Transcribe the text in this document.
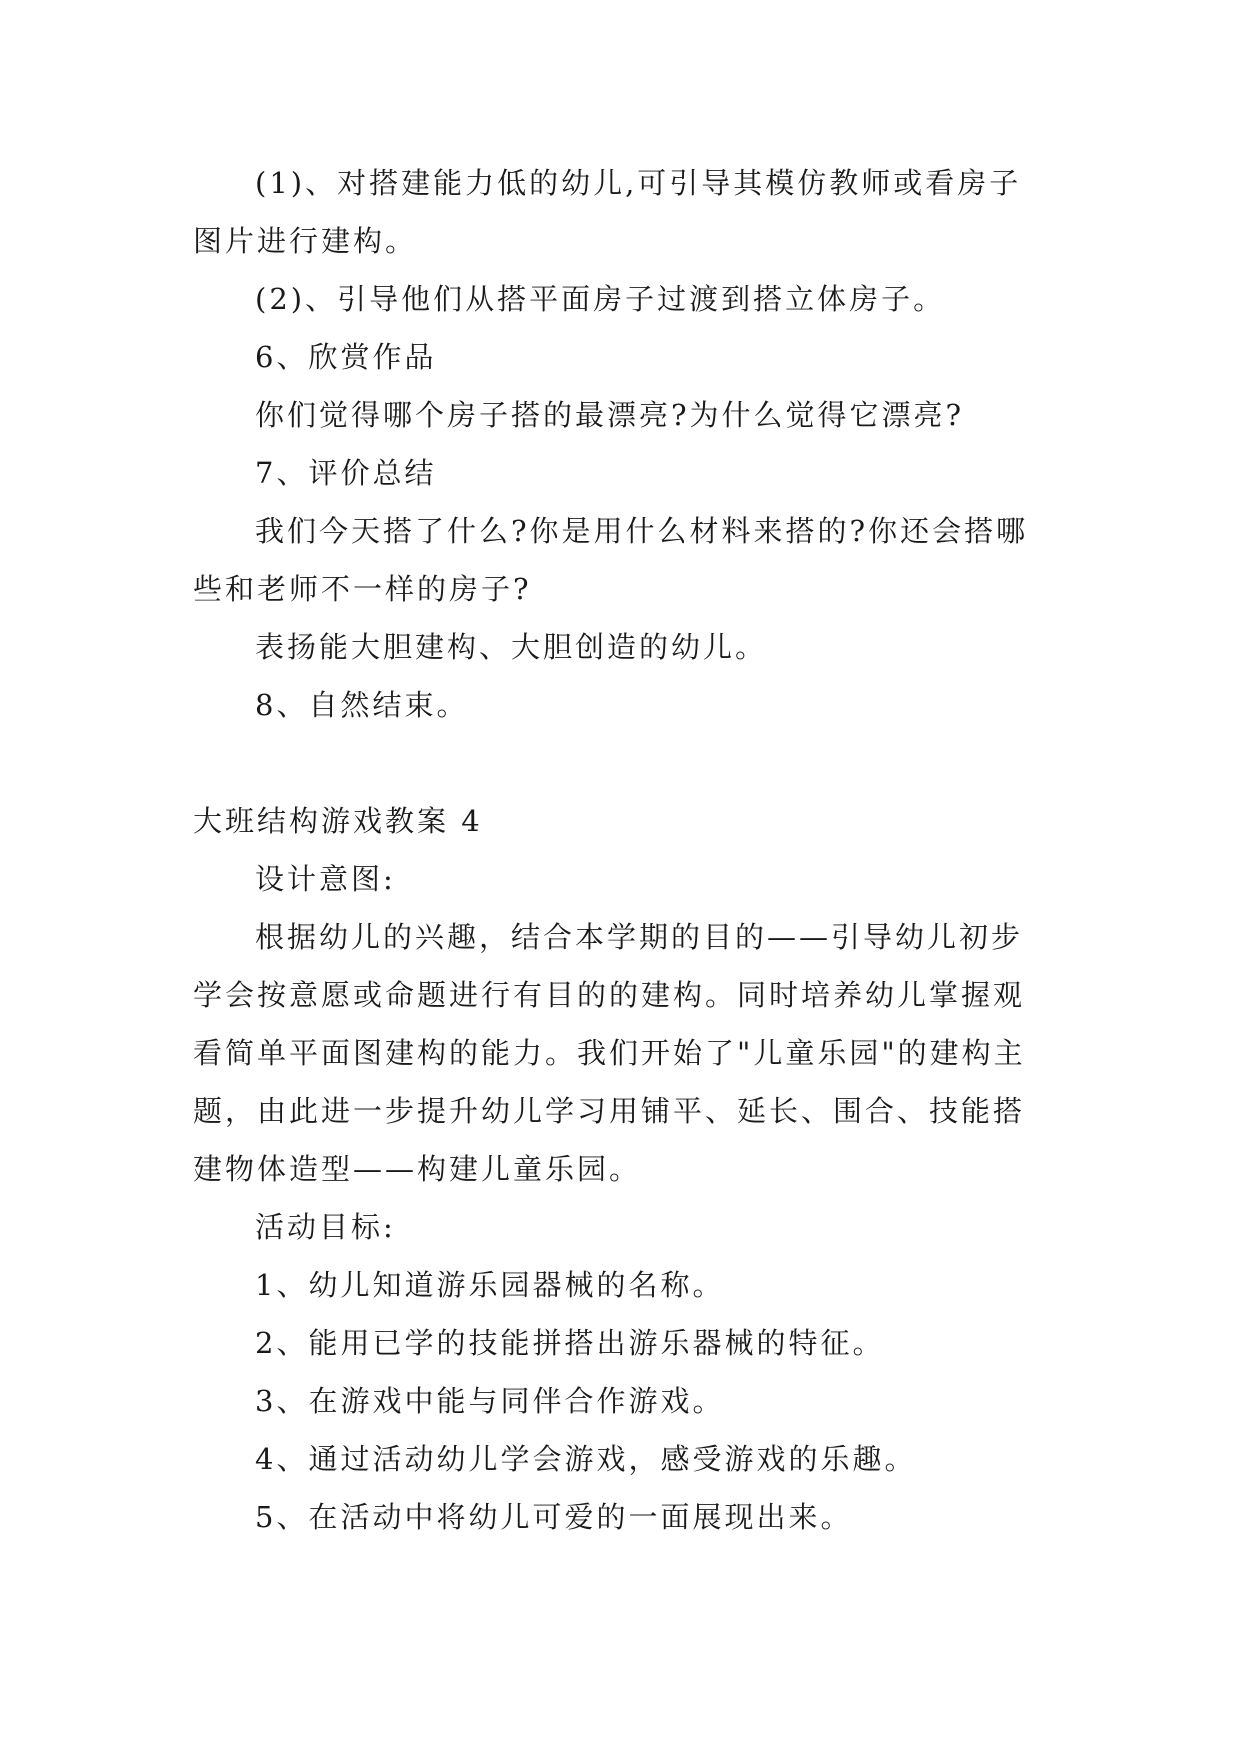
(1)、对搭建能力低的幼儿,可引导其模仿教师或看房子

图片进行建构。

(2)、引导他们从搭平面房子过渡到搭立体房子。

6、欣赏作品

你们觉得哪个房子搭的最漂亮?为什么觉得它漂亮?

7、评价总结

我们今天搭了什么?你是用什么材料来搭的?你还会搭哪

些和老师不一样的房子?

表扬能大胆建构、大胆创造的幼儿。

8、自然结束。

大班结构游戏教案 4

设计意图:

根据幼儿的兴趣，结合本学期的目的——引导幼儿初步

学会按意愿或命题进行有目的的建构。同时培养幼儿掌握观

看简单平面图建构的能力。我们开始了"儿童乐园"的建构主

题，由此进一步提升幼儿学习用铺平、延长、围合、技能搭

建物体造型——构建儿童乐园。

活动目标:

1、幼儿知道游乐园器械的名称。

2、能用已学的技能拼搭出游乐器械的特征。

3、在游戏中能与同伴合作游戏。

4、通过活动幼儿学会游戏，感受游戏的乐趣。

5、在活动中将幼儿可爱的一面展现出来。
